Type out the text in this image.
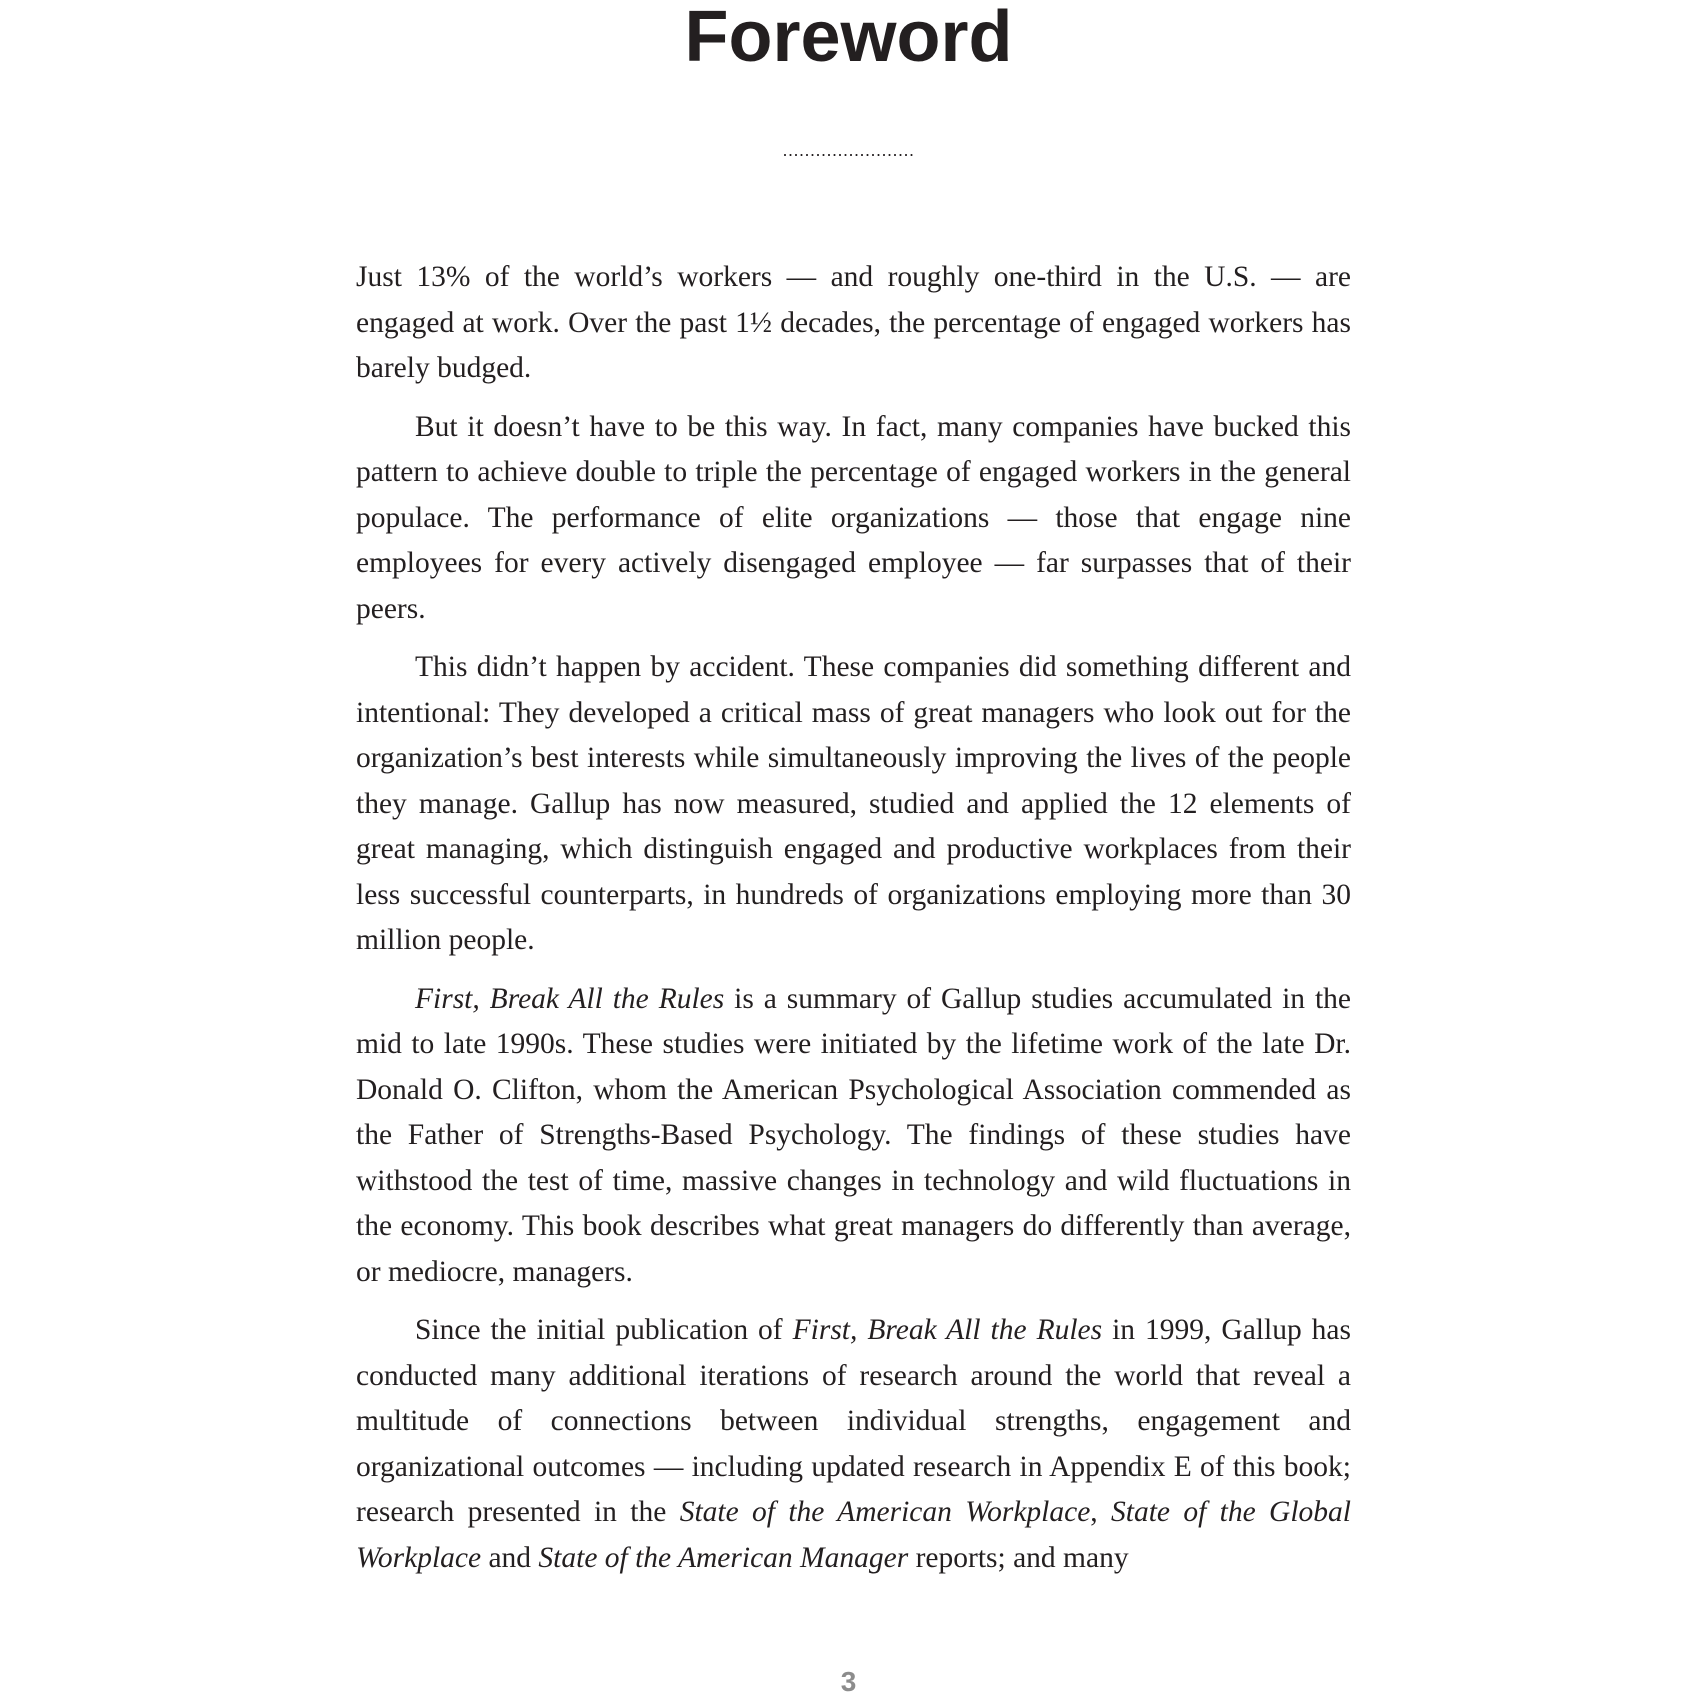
Foreword
........................

Just 13% of the world’s workers — and roughly one-third in the U.S. — are engaged at work. Over the past 1½ decades, the percentage of engaged workers has barely budged.

But it doesn’t have to be this way. In fact, many companies have bucked this pattern to achieve double to triple the percentage of engaged workers in the general populace. The performance of elite organizations — those that engage nine employees for every actively disengaged employee — far surpasses that of their peers.

This didn’t happen by accident. These companies did something different and intentional: They developed a critical mass of great managers who look out for the organization’s best interests while simultaneously improving the lives of the people they manage. Gallup has now measured, studied and applied the 12 elements of great managing, which distinguish engaged and productive workplaces from their less successful counterparts, in hundreds of organizations employing more than 30 million people.

First, Break All the Rules is a summary of Gallup studies accumulated in the mid to late 1990s. These studies were initiated by the lifetime work of the late Dr. Donald O. Clifton, whom the American Psychological Association commended as the Father of Strengths-Based Psychology. The findings of these studies have withstood the test of time, massive changes in technology and wild fluctuations in the economy. This book describes what great managers do differently than average, or mediocre, managers.

Since the initial publication of First, Break All the Rules in 1999, Gallup has conducted many additional iterations of research around the world that reveal a multitude of connections between individual strengths, engagement and organizational outcomes — including updated research in Appendix E of this book; research presented in the State of the American Workplace, State of the Global Workplace and State of the American Manager reports; and many

3
